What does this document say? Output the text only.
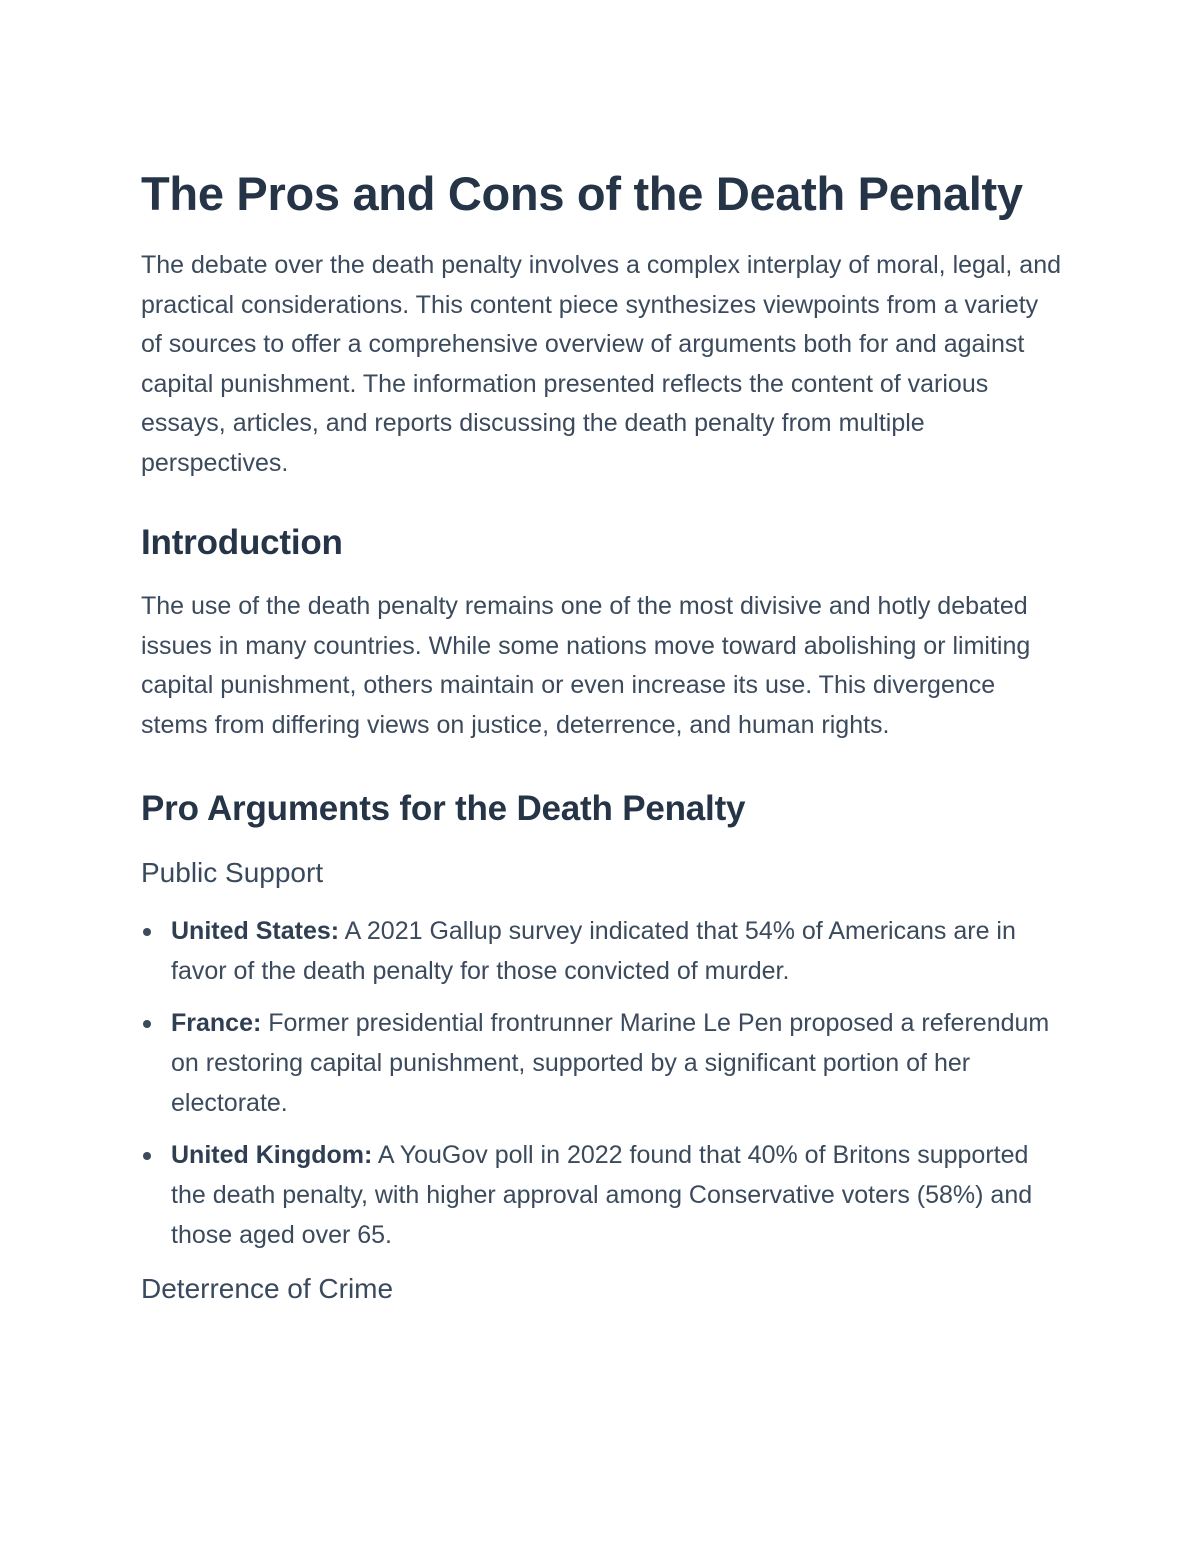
The Pros and Cons of the Death Penalty

The debate over the death penalty involves a complex interplay of moral, legal, and practical considerations. This content piece synthesizes viewpoints from a variety of sources to offer a comprehensive overview of arguments both for and against capital punishment. The information presented reflects the content of various essays, articles, and reports discussing the death penalty from multiple perspectives.

Introduction

The use of the death penalty remains one of the most divisive and hotly debated issues in many countries. While some nations move toward abolishing or limiting capital punishment, others maintain or even increase its use. This divergence stems from differing views on justice, deterrence, and human rights.

Pro Arguments for the Death Penalty
Public Support
United States: A 2021 Gallup survey indicated that 54% of Americans are in favor of the death penalty for those convicted of murder.
France: Former presidential frontrunner Marine Le Pen proposed a referendum on restoring capital punishment, supported by a significant portion of her electorate.
United Kingdom: A YouGov poll in 2022 found that 40% of Britons supported the death penalty, with higher approval among Conservative voters (58%) and those aged over 65.
Deterrence of Crime
